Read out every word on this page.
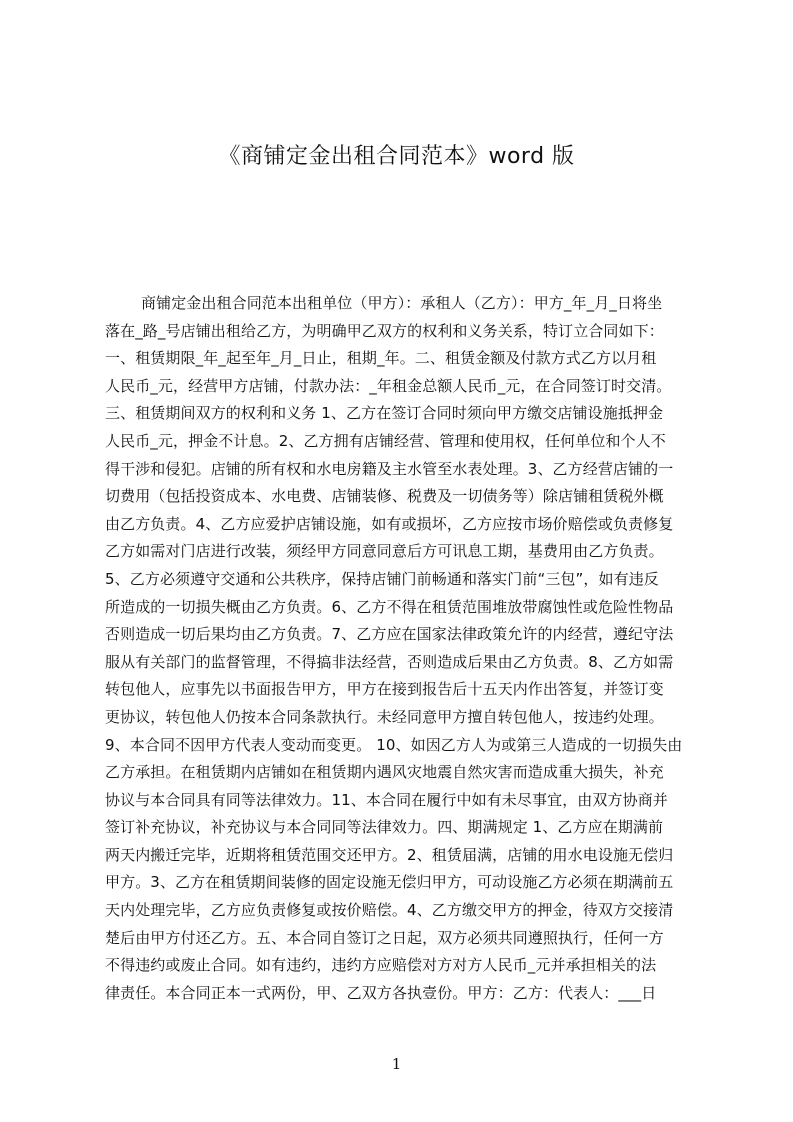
《商铺定金出租合同范本》word 版
商铺定金出租合同范本出租单位（甲方）：承租人（乙方）：甲方_年_月_日将坐
落在_路_号店铺出租给乙方，为明确甲乙双方的权利和义务关系，特订立合同如下：
一、租赁期限_年_起至年_月_日止，租期_年。二、租赁金额及付款方式乙方以月租
人民币_元，经营甲方店铺，付款办法：_年租金总额人民币_元，在合同签订时交清。
三、租赁期间双方的权利和义务 1、乙方在签订合同时须向甲方缴交店铺设施抵押金
人民币_元，押金不计息。2、乙方拥有店铺经营、管理和使用权，任何单位和个人不
得干涉和侵犯。店铺的所有权和水电房籍及主水管至水表处理。3、乙方经营店铺的一
切费用（包括投资成本、水电费、店铺装修、税费及一切债务等）除店铺租赁税外概
由乙方负责。4、乙方应爱护店铺设施，如有或损坏，乙方应按市场价赔偿或负责修复
乙方如需对门店进行改装，须经甲方同意同意后方可讯息工期，基费用由乙方负责。
5、乙方必须遵守交通和公共秩序，保持店铺门前畅通和落实门前“三包”，如有违反
所造成的一切损失概由乙方负责。6、乙方不得在租赁范围堆放带腐蚀性或危险性物品
否则造成一切后果均由乙方负责。7、乙方应在国家法律政策允许的内经营，遵纪守法
服从有关部门的监督管理，不得搞非法经营，否则造成后果由乙方负责。8、乙方如需
转包他人，应事先以书面报告甲方，甲方在接到报告后十五天内作出答复，并签订变
更协议，转包他人仍按本合同条款执行。未经同意甲方擅自转包他人，按违约处理。
9、本合同不因甲方代表人变动而变更。 10、如因乙方人为或第三人造成的一切损失由
乙方承担。在租赁期内店铺如在租赁期内遇风灾地震自然灾害而造成重大损失，补充
协议与本合同具有同等法律效力。11、本合同在履行中如有未尽事宜，由双方协商并
签订补充协议，补充协议与本合同同等法律效力。四、期满规定 1、乙方应在期满前
两天内搬迁完毕，近期将租赁范围交还甲方。2、租赁届满，店铺的用水电设施无偿归
甲方。3、乙方在租赁期间装修的固定设施无偿归甲方，可动设施乙方必须在期满前五
天内处理完毕，乙方应负责修复或按价赔偿。4、乙方缴交甲方的押金，待双方交接清
楚后由甲方付还乙方。五、本合同自签订之日起，双方必须共同遵照执行，任何一方
不得违约或废止合同。如有违约，违约方应赔偿对方对方人民币_元并承担相关的法
律责任。本合同正本一式两份，甲、乙双方各执壹份。甲方：乙方：代表人：___日
1
